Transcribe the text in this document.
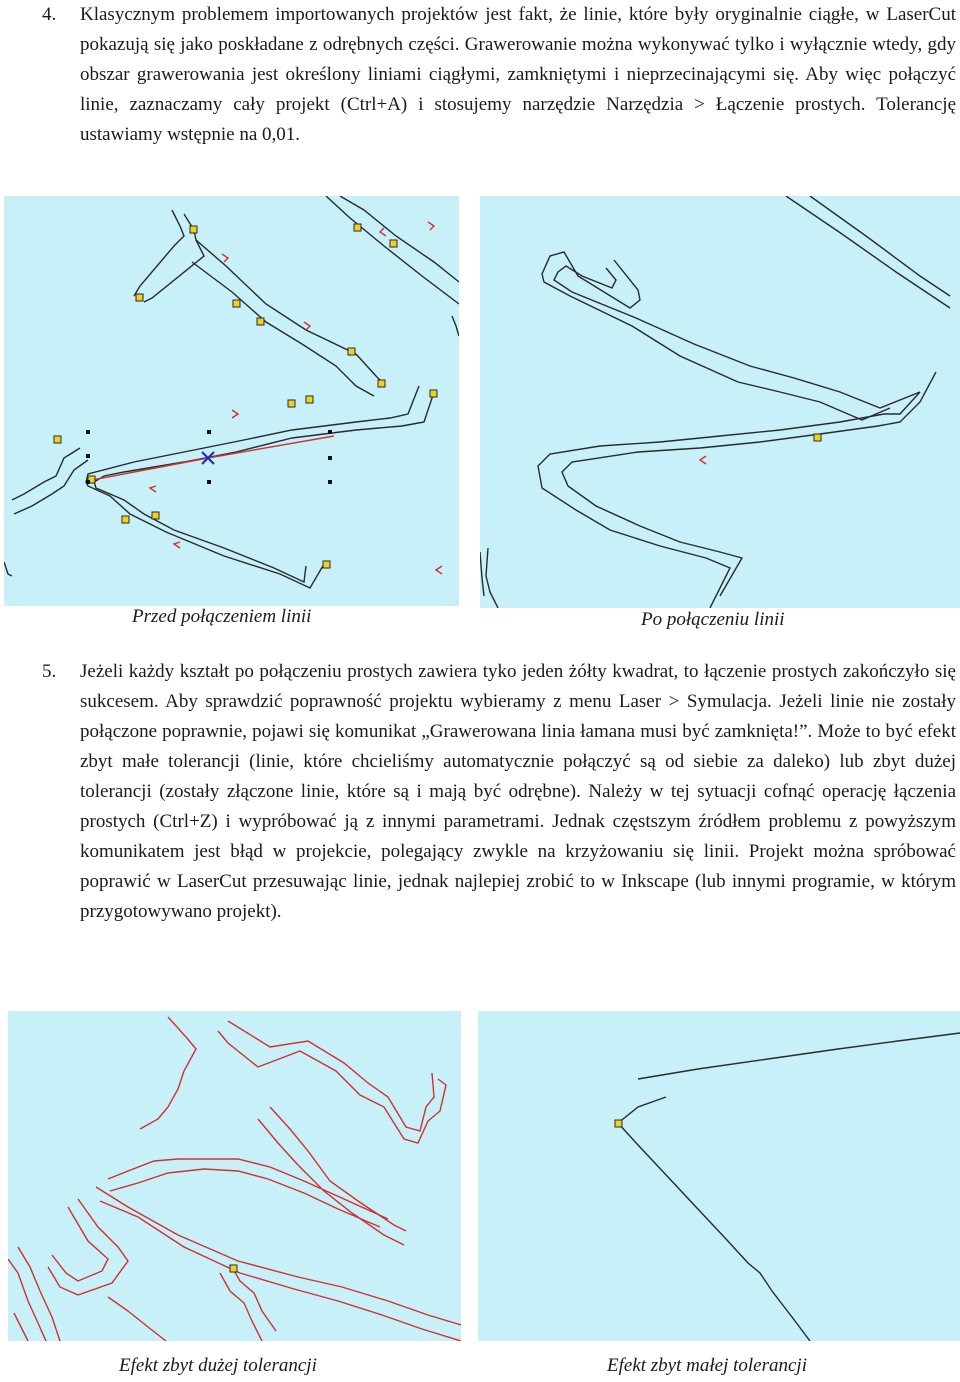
4. Klasycznym problemem importowanych projektów jest fakt, że linie, które były oryginalnie ciągłe, w LaserCut pokazują się jako poskładane z odrębnych części. Grawerowanie można wykonywać tylko i wyłącznie wtedy, gdy obszar grawerowania jest określony liniami ciągłymi, zamkniętymi i nieprzecinającymi się. Aby więc połączyć linie, zaznaczamy cały projekt (Ctrl+A) i stosujemy narzędzie Narzędzia > Łączenie prostych. Tolerancję ustawiamy wstępnie na 0,01.

Przed połączeniem linii	Po połączeniu linii
5. Jeżeli każdy kształt po połączeniu prostych zawiera tyko jeden żółty kwadrat, to łączenie prostych zakończyło się sukcesem. Aby sprawdzić poprawność projektu wybieramy z menu Laser > Symulacja. Jeżeli linie nie zostały połączone poprawnie, pojawi się komunikat „Grawerowana linia łamana musi być zamknięta!”. Może to być efekt zbyt małe tolerancji (linie, które chcieliśmy automatycznie połączyć są od siebie za daleko) lub zbyt dużej tolerancji (zostały złączone linie, które są i mają być odrębne). Należy w tej sytuacji cofnąć operację łączenia prostych (Ctrl+Z) i wypróbować ją z innymi parametrami. Jednak częstszym źródłem problemu z powyższym komunikatem jest błąd w projekcie, polegający zwykle na krzyżowaniu się linii. Projekt można spróbować poprawić w LaserCut przesuwając linie, jednak najlepiej zrobić to w Inkscape (lub innymi programie, w którym przygotowywano projekt).

Efekt zbyt dużej tolerancji	Efekt zbyt małej tolerancji
